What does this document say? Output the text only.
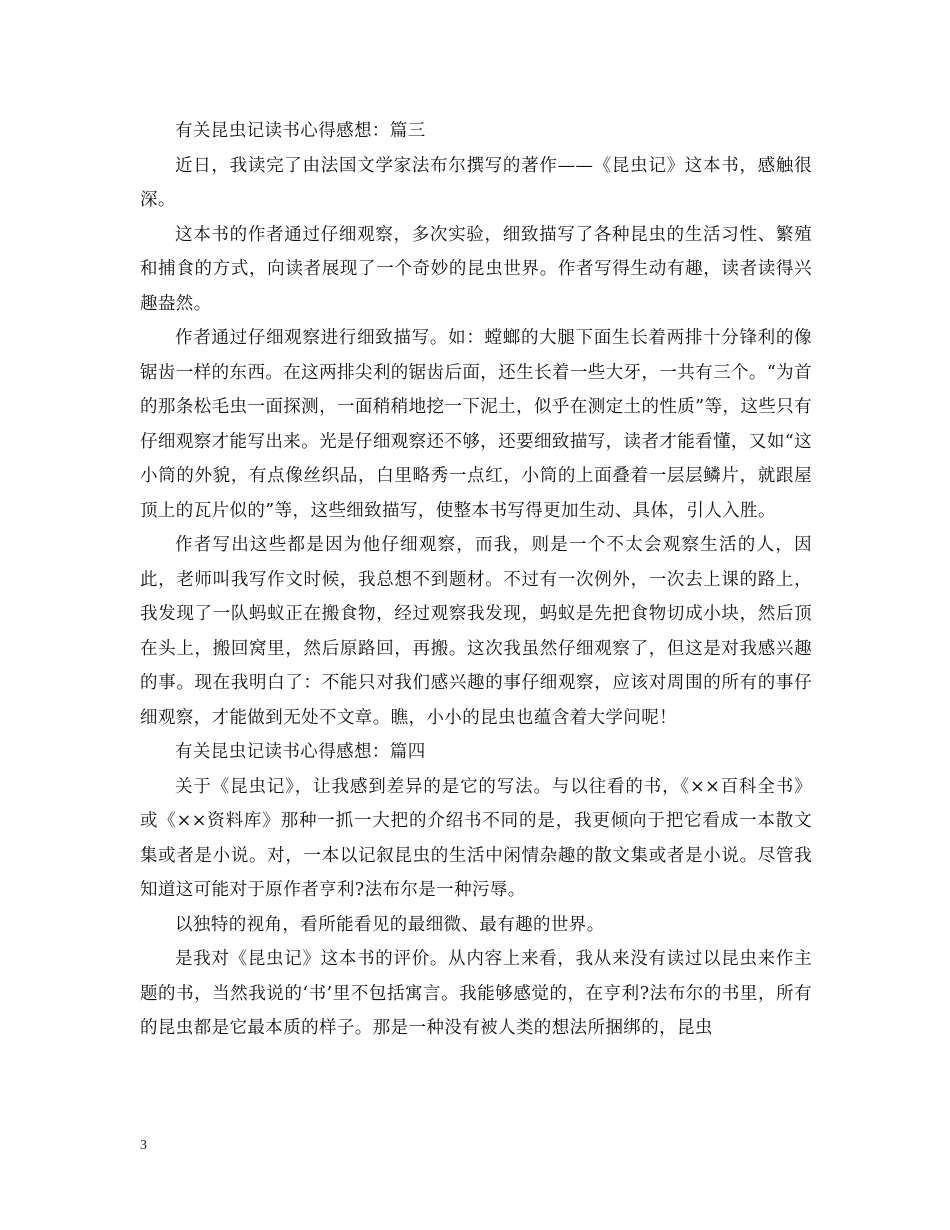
有关昆虫记读书心得感想：篇三

近日，我读完了由法国文学家法布尔撰写的著作——《昆虫记》这本书，感触很深。

这本书的作者通过仔细观察，多次实验，细致描写了各种昆虫的生活习性、繁殖和捕食的方式，向读者展现了一个奇妙的昆虫世界。作者写得生动有趣，读者读得兴趣盎然。

作者通过仔细观察进行细致描写。如：螳螂的大腿下面生长着两排十分锋利的像锯齿一样的东西。在这两排尖利的锯齿后面，还生长着一些大牙，一共有三个。“为首的那条松毛虫一面探测，一面稍稍地挖一下泥土，似乎在测定土的性质”等，这些只有仔细观察才能写出来。光是仔细观察还不够，还要细致描写，读者才能看懂，又如“这小筒的外貌，有点像丝织品，白里略秀一点红，小筒的上面叠着一层层鳞片，就跟屋顶上的瓦片似的”等，这些细致描写，使整本书写得更加生动、具体，引人入胜。

作者写出这些都是因为他仔细观察，而我，则是一个不太会观察生活的人，因此，老师叫我写作文时候，我总想不到题材。不过有一次例外，一次去上课的路上，我发现了一队蚂蚁正在搬食物，经过观察我发现，蚂蚁是先把食物切成小块，然后顶在头上，搬回窝里，然后原路回，再搬。这次我虽然仔细观察了，但这是对我感兴趣的事。现在我明白了：不能只对我们感兴趣的事仔细观察，应该对周围的所有的事仔细观察，才能做到无处不文章。瞧，小小的昆虫也蕴含着大学问呢！

有关昆虫记读书心得感想：篇四

关于《昆虫记》，让我感到差异的是它的写法。与以往看的书，《××百科全书》或《××资料库》那种一抓一大把的介绍书不同的是，我更倾向于把它看成一本散文集或者是小说。对，一本以记叙昆虫的生活中闲情杂趣的散文集或者是小说。尽管我知道这可能对于原作者亨利?法布尔是一种污辱。

以独特的视角，看所能看见的最细微、最有趣的世界。

是我对《昆虫记》这本书的评价。从内容上来看，我从来没有读过以昆虫来作主题的书，当然我说的‘书’里不包括寓言。我能够感觉的，在亨利?法布尔的书里，所有的昆虫都是它最本质的样子。那是一种没有被人类的想法所捆绑的，昆虫

3
